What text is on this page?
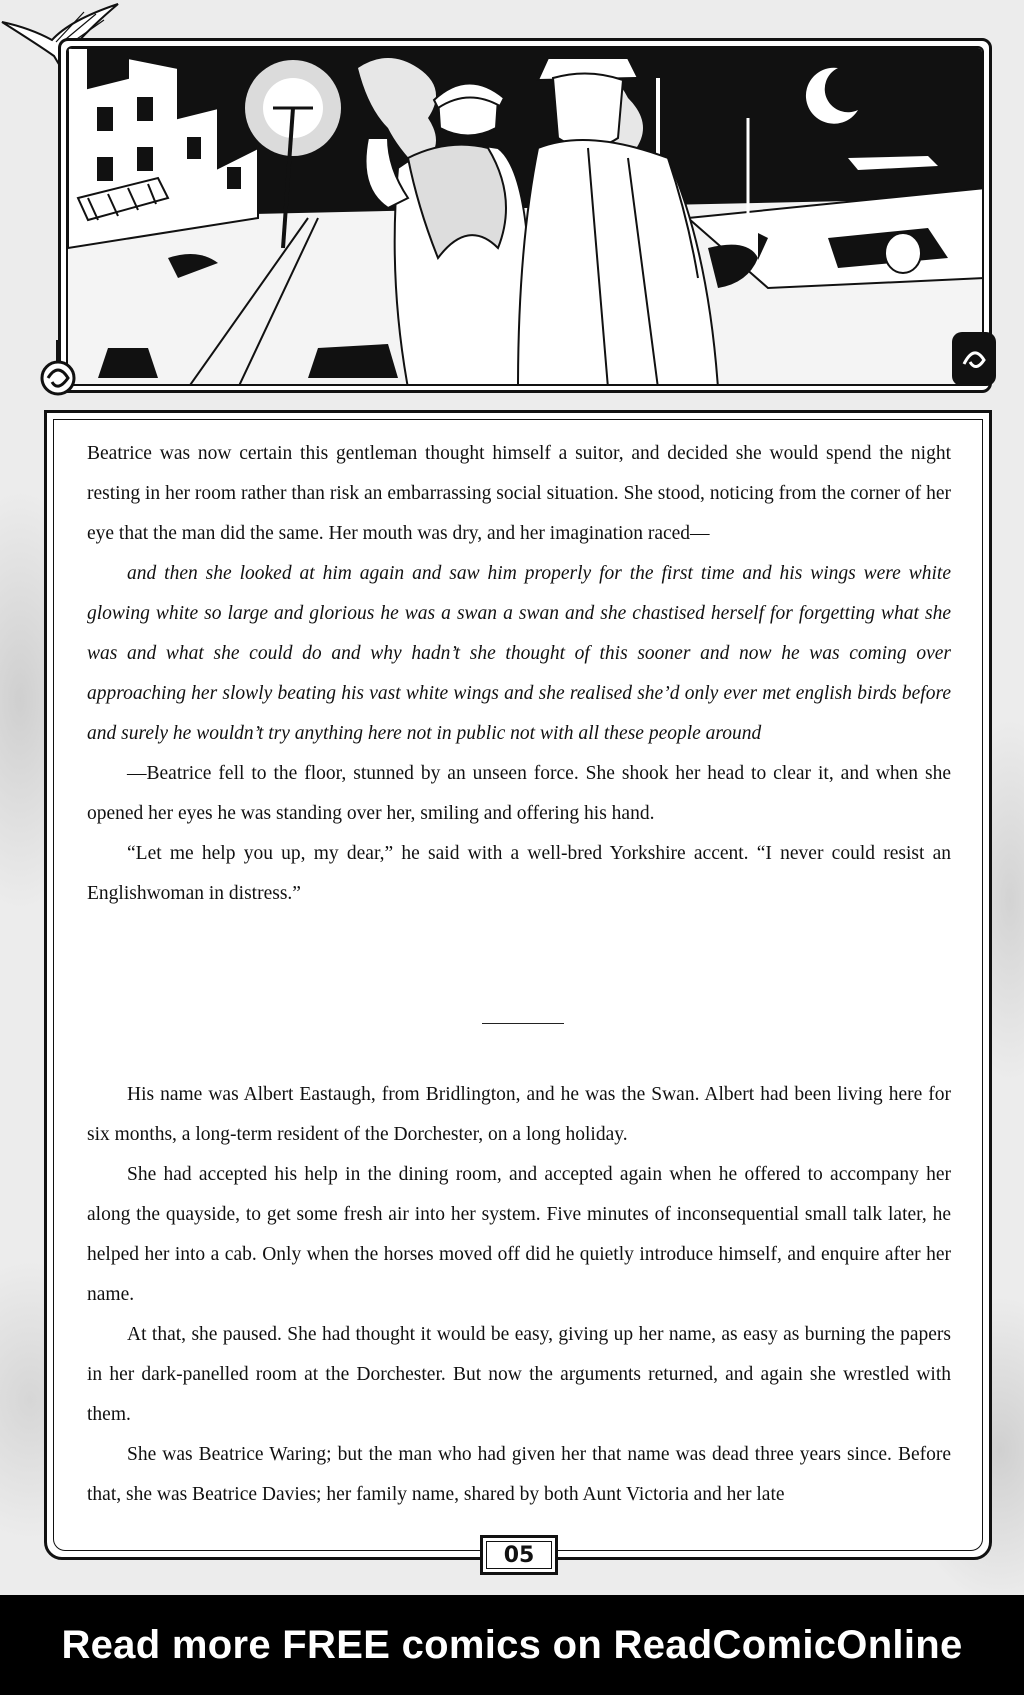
Beatrice was now certain this gentleman thought himself a suitor, and decided she would spend the night resting in her room rather than risk an embarrassing social situation. She stood, noticing from the corner of her eye that the man did the same. Her mouth was dry, and her imagination raced—

and then she looked at him again and saw him properly for the first time and his wings were white glowing white so large and glorious he was a swan a swan and she chastised herself for forgetting what she was and what she could do and why hadn’t she thought of this sooner and now he was coming over approaching her slowly beating his vast white wings and she realised she’d only ever met english birds before and surely he wouldn’t try anything here not in public not with all these people around

—Beatrice fell to the floor, stunned by an unseen force. She shook her head to clear it, and when she opened her eyes he was standing over her, smiling and offering his hand.

“Let me help you up, my dear,” he said with a well-bred Yorkshire accent. “I never could resist an Englishwoman in distress.”

His name was Albert Eastaugh, from Bridlington, and he was the Swan. Albert had been living here for six months, a long-term resident of the Dorchester, on a long holiday.

She had accepted his help in the dining room, and accepted again when he offered to accompany her along the quayside, to get some fresh air into her system. Five minutes of inconsequential small talk later, he helped her into a cab. Only when the horses moved off did he quietly introduce himself, and enquire after her name.

At that, she paused. She had thought it would be easy, giving up her name, as easy as burning the papers in her dark-panelled room at the Dorchester. But now the arguments returned, and again she wrestled with them.

She was Beatrice Waring; but the man who had given her that name was dead three years since. Before that, she was Beatrice Davies; her family name, shared by both Aunt Victoria and her late

05
Read more FREE comics on ReadComicOnline
